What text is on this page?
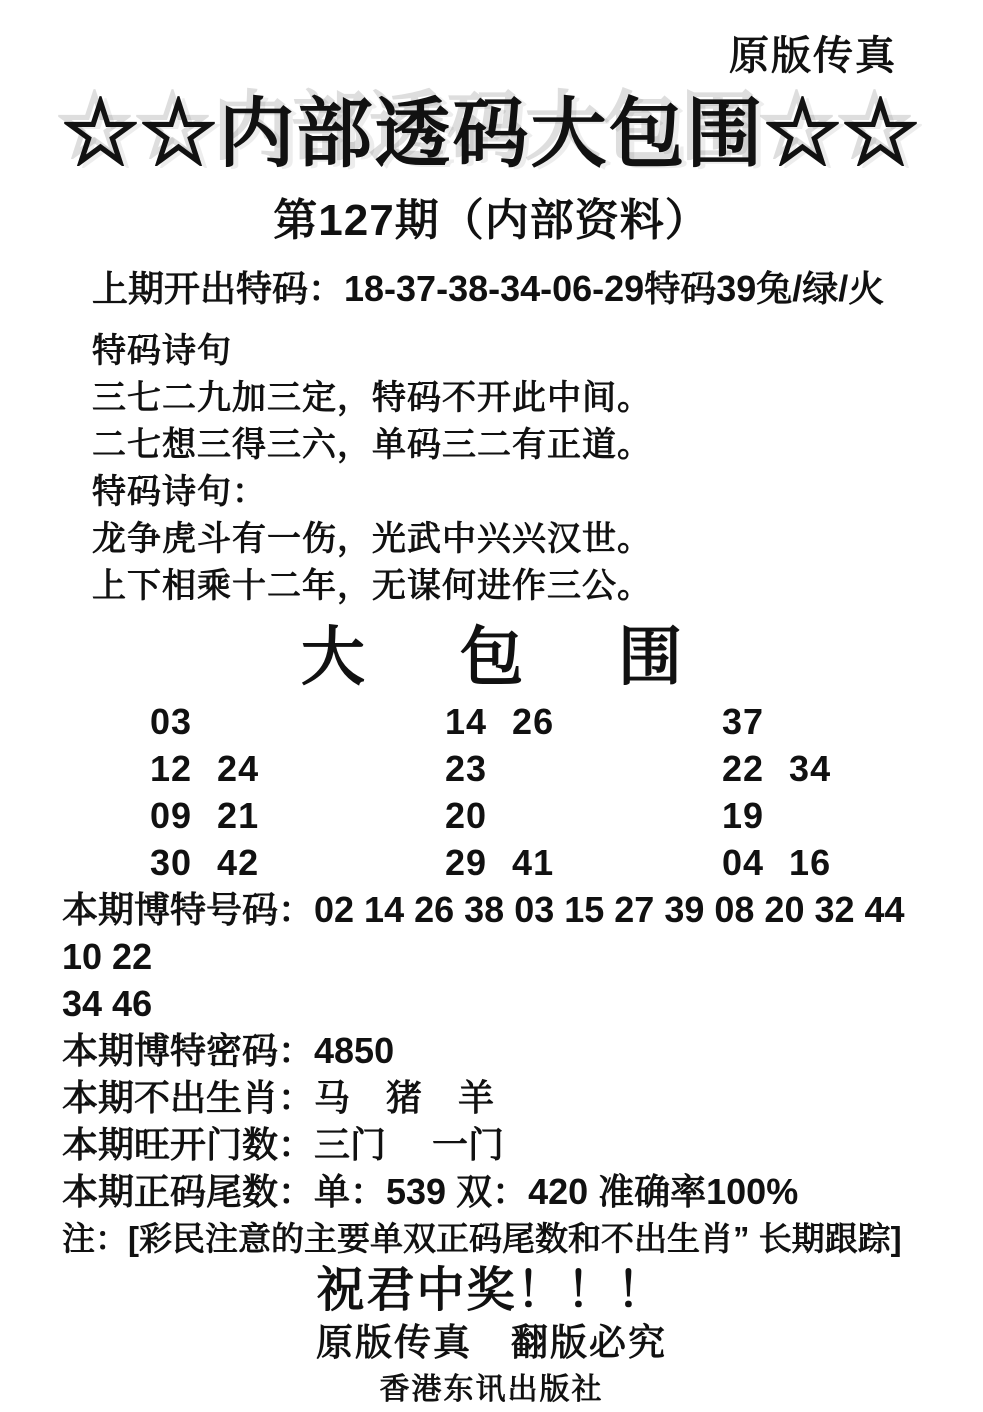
原版传真
☆☆内部透码大包围☆☆
第127期（内部资料）
上期开出特码：18-37-38-34-06-29特码39兔/绿/火
特码诗句
三七二九加三定，特码不开此中间。
二七想三得三六，单码三二有正道。
特码诗句：
龙争虎斗有一伤，光武中兴兴汉世。
上下相乘十二年，无谋何进作三公。
大 包 围
03	14 26	37
12 24	23	22 34
09 21	20	19
30 42	29 41	04 16
本期博特号码：02 14 26 38 03 15 27 39 08 20 32 44 10 22
34 46
本期博特密码：4850
本期不出生肖：马　猪　羊
本期旺开门数：三门　 一门
本期正码尾数：单：539 双：420 准确率100%
注：[彩民注意的主要单双正码尾数和不出生肖” 长期跟踪]
祝君中奖！！！
原版传真　翻版必究
香港东讯出版社
